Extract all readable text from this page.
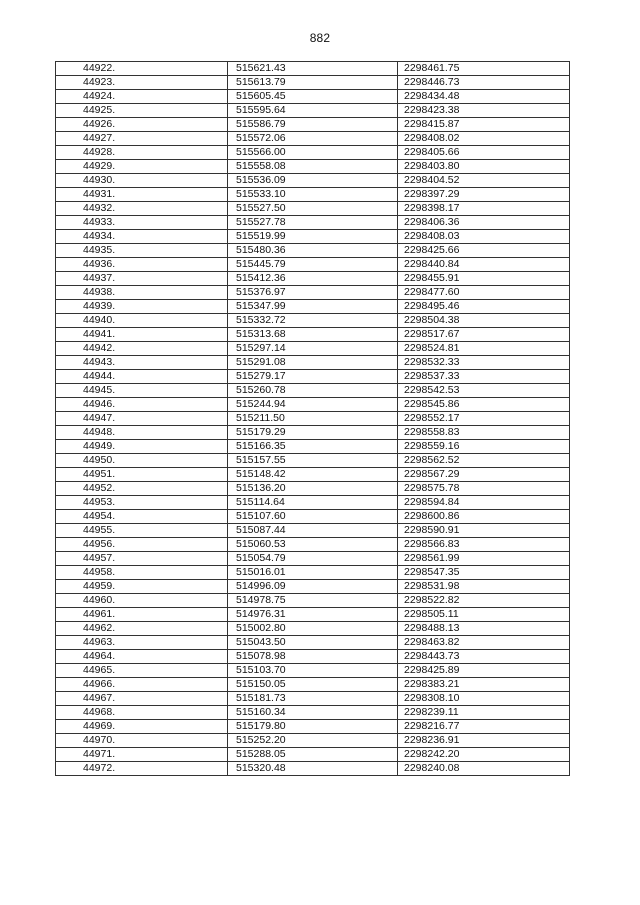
882
44922.	515621.43	2298461.75
44923.	515613.79	2298446.73
44924.	515605.45	2298434.48
44925.	515595.64	2298423.38
44926.	515586.79	2298415.87
44927.	515572.06	2298408.02
44928.	515566.00	2298405.66
44929.	515558.08	2298403.80
44930.	515536.09	2298404.52
44931.	515533.10	2298397.29
44932.	515527.50	2298398.17
44933.	515527.78	2298406.36
44934.	515519.99	2298408.03
44935.	515480.36	2298425.66
44936.	515445.79	2298440.84
44937.	515412.36	2298455.91
44938.	515376.97	2298477.60
44939.	515347.99	2298495.46
44940.	515332.72	2298504.38
44941.	515313.68	2298517.67
44942.	515297.14	2298524.81
44943.	515291.08	2298532.33
44944.	515279.17	2298537.33
44945.	515260.78	2298542.53
44946.	515244.94	2298545.86
44947.	515211.50	2298552.17
44948.	515179.29	2298558.83
44949.	515166.35	2298559.16
44950.	515157.55	2298562.52
44951.	515148.42	2298567.29
44952.	515136.20	2298575.78
44953.	515114.64	2298594.84
44954.	515107.60	2298600.86
44955.	515087.44	2298590.91
44956.	515060.53	2298566.83
44957.	515054.79	2298561.99
44958.	515016.01	2298547.35
44959.	514996.09	2298531.98
44960.	514978.75	2298522.82
44961.	514976.31	2298505.11
44962.	515002.80	2298488.13
44963.	515043.50	2298463.82
44964.	515078.98	2298443.73
44965.	515103.70	2298425.89
44966.	515150.05	2298383.21
44967.	515181.73	2298308.10
44968.	515160.34	2298239.11
44969.	515179.80	2298216.77
44970.	515252.20	2298236.91
44971.	515288.05	2298242.20
44972.	515320.48	2298240.08
